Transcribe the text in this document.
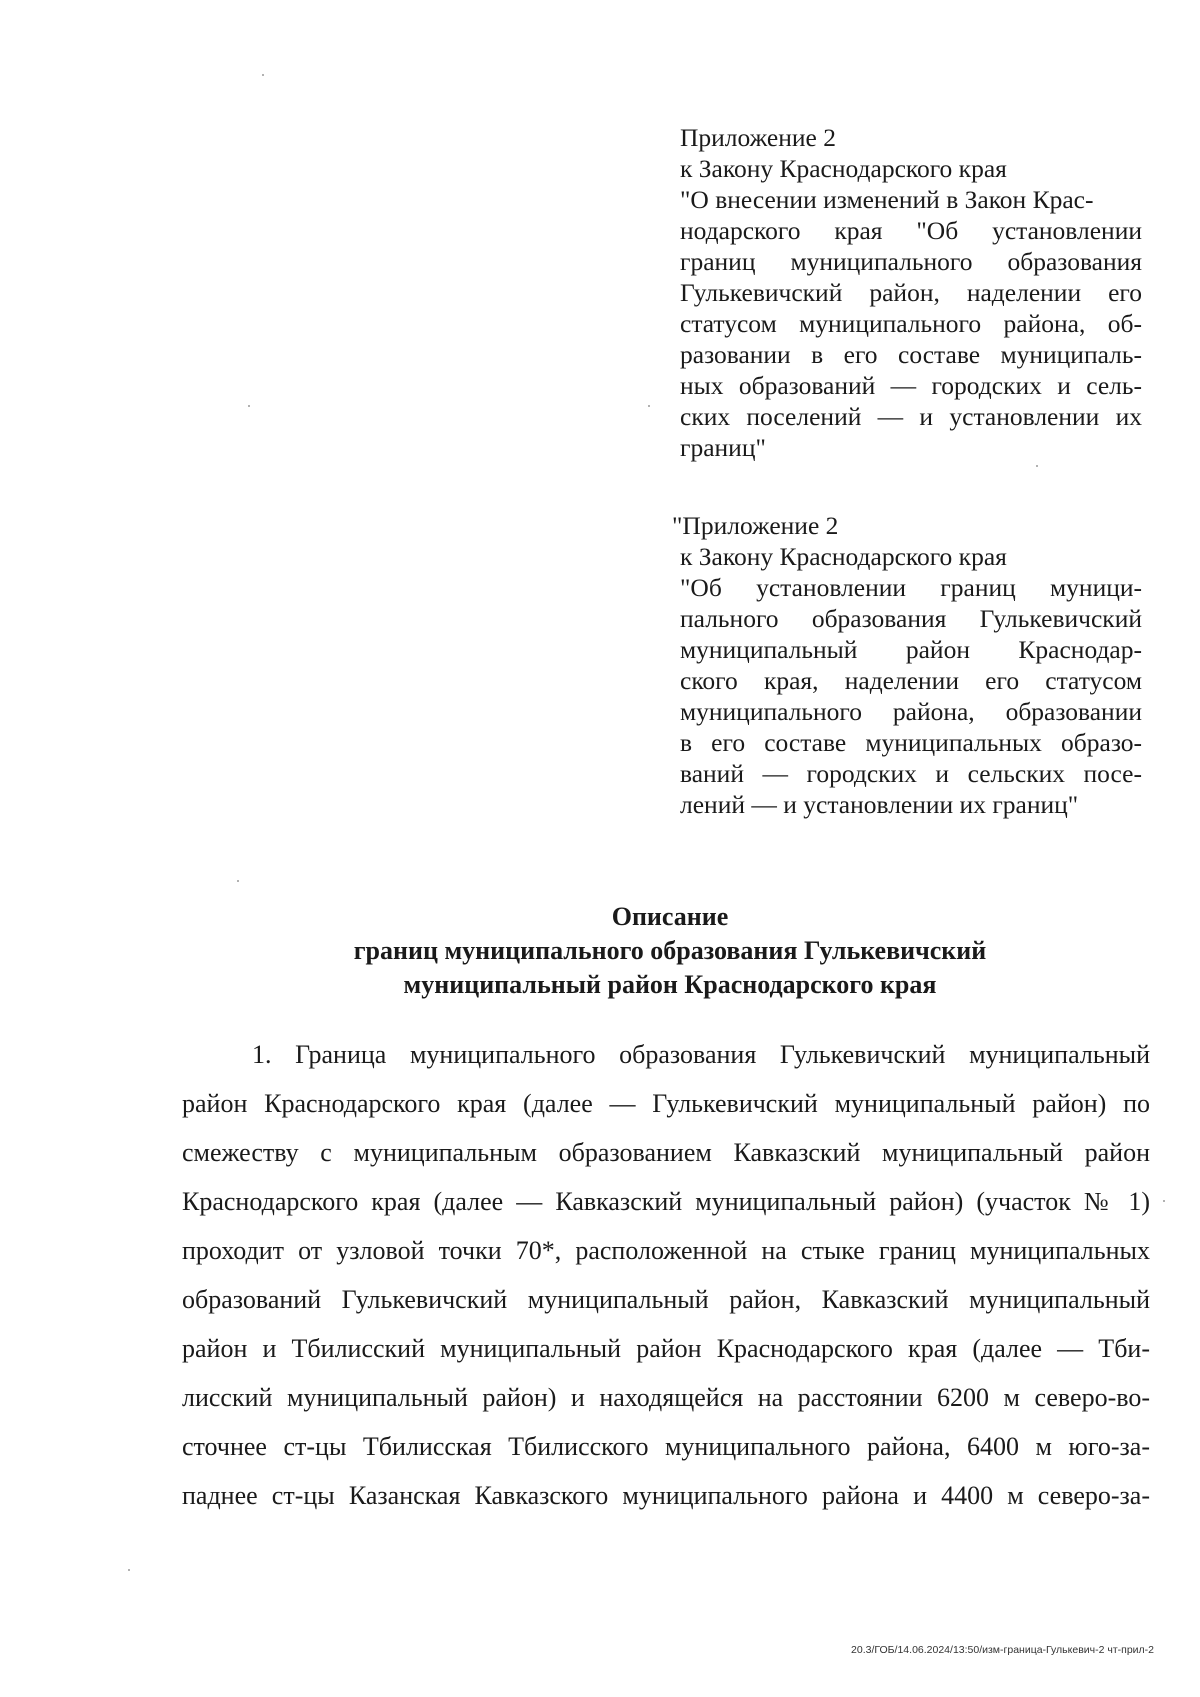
Приложение 2
к Закону Краснодарского края
"О внесении изменений в Закон Крас-
нодарского края "Об установлении
границ муниципального образования
Гулькевичский район, наделении его
статусом муниципального района, об-
разовании в его составе муниципаль-
ных образований — городских и сель-
ских поселений — и установлении их
границ"
"Приложение 2
к Закону Краснодарского края
"Об установлении границ муници-
пального образования Гулькевичский
муниципальный район Краснодар-
ского края, наделении его статусом
муниципального района, образовании
в его составе муниципальных образо-
ваний — городских и сельских посе-
лений — и установлении их границ"
Описание
границ муниципального образования Гулькевичский
муниципальный район Краснодарского края
1. Граница муниципального образования Гулькевичский муниципальный
район Краснодарского края (далее — Гулькевичский муниципальный район) по
смежеству с муниципальным образованием Кавказский муниципальный район
Краснодарского края (далее — Кавказский муниципальный район) (участок № 1)
проходит от узловой точки 70*, расположенной на стыке границ муниципальных
образований Гулькевичский муниципальный район, Кавказский муниципальный
район и Тбилисский муниципальный район Краснодарского края (далее — Тби-
лисский муниципальный район) и находящейся на расстоянии 6200 м северо-во-
сточнее ст-цы Тбилисская Тбилисского муниципального района, 6400 м юго-за-
паднее ст-цы Казанская Кавказского муниципального района и 4400 м северо-за-
20.3/ГОБ/14.06.2024/13:50/изм-граница-Гулькевич-2 чт-прил-2
